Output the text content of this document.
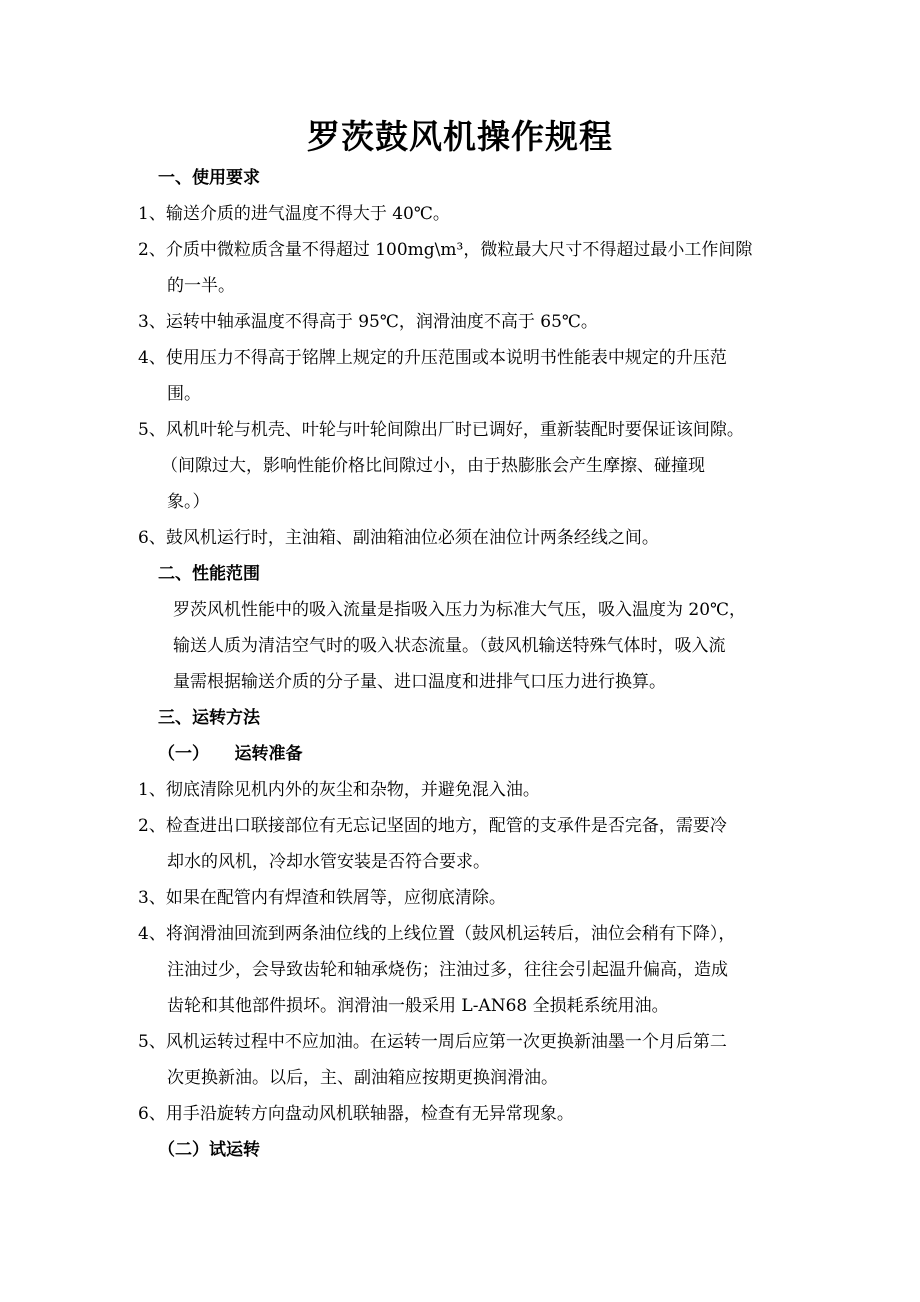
罗茨鼓风机操作规程
一、使用要求
1、输送介质的进气温度不得大于 40℃。
2、介质中微粒质含量不得超过 100mg\m³，微粒最大尺寸不得超过最小工作间隙
的一半。
3、运转中轴承温度不得高于 95℃，润滑油度不高于 65℃。
4、使用压力不得高于铭牌上规定的升压范围或本说明书性能表中规定的升压范
围。
5、风机叶轮与机壳、叶轮与叶轮间隙出厂时已调好，重新装配时要保证该间隙。
（间隙过大，影响性能价格比间隙过小，由于热膨胀会产生摩擦、碰撞现
象。）
6、鼓风机运行时，主油箱、副油箱油位必须在油位计两条经线之间。
二、性能范围
罗茨风机性能中的吸入流量是指吸入压力为标准大气压，吸入温度为 20℃，
输送人质为清洁空气时的吸入状态流量。（鼓风机输送特殊气体时，吸入流
量需根据输送介质的分子量、进口温度和进排气口压力进行换算。
三、运转方法
（一）　　运转准备
1、彻底清除见机内外的灰尘和杂物，并避免混入油。
2、检查进出口联接部位有无忘记坚固的地方，配管的支承件是否完备，需要冷
却水的风机，冷却水管安装是否符合要求。
3、如果在配管内有焊渣和铁屑等，应彻底清除。
4、将润滑油回流到两条油位线的上线位置（鼓风机运转后，油位会稍有下降），
注油过少，会导致齿轮和轴承烧伤；注油过多，往往会引起温升偏高，造成
齿轮和其他部件损坏。润滑油一般采用 L-AN68 全损耗系统用油。
5、风机运转过程中不应加油。在运转一周后应第一次更换新油墨一个月后第二
次更换新油。以后，主、副油箱应按期更换润滑油。
6、用手沿旋转方向盘动风机联轴器，检查有无异常现象。
（二）试运转
